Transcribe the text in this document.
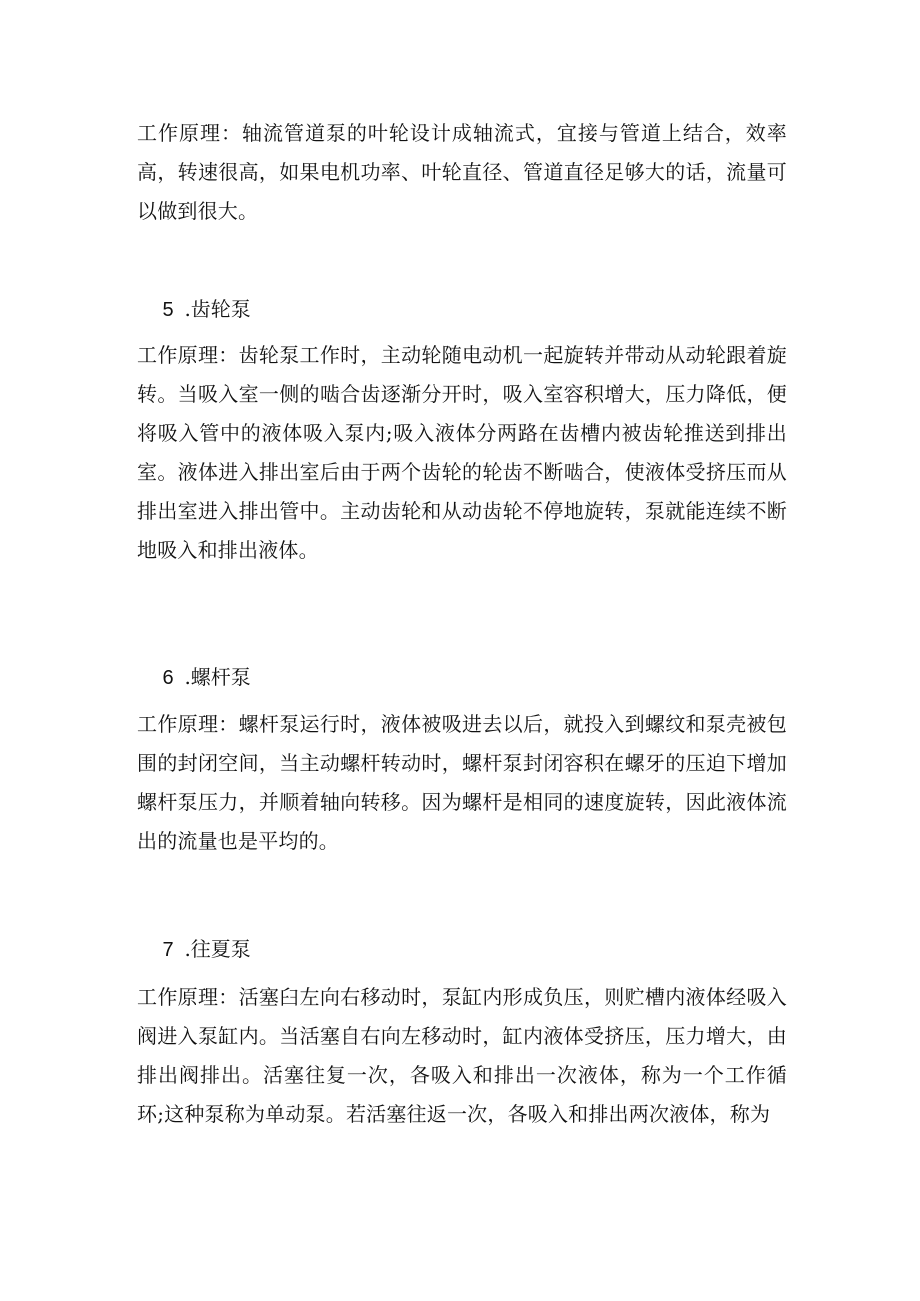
工作原理：轴流管道泵的叶轮设计成轴流式，宜接与管道上结合，效率高，转速很高，如果电机功率、叶轮直径、管道直径足够大的话，流量可以做到很大。

5 .齿轮泵

工作原理：齿轮泵工作时，主动轮随电动机一起旋转并带动从动轮跟着旋转。当吸入室一侧的啮合齿逐渐分开时，吸入室容积增大，压力降低，便将吸入管中的液体吸入泵内;吸入液体分两路在齿槽内被齿轮推送到排出室。液体进入排出室后由于两个齿轮的轮齿不断啮合，使液体受挤压而从排出室进入排出管中。主动齿轮和从动齿轮不停地旋转，泵就能连续不断地吸入和排出液体。

6 .螺杆泵

工作原理：螺杆泵运行时，液体被吸进去以后，就投入到螺纹和泵壳被包围的封闭空间，当主动螺杆转动时，螺杆泵封闭容积在螺牙的压迫下增加螺杆泵压力，并顺着轴向转移。因为螺杆是相同的速度旋转，因此液体流出的流量也是平均的。

7 .往夏泵

工作原理：活塞臼左向右移动时，泵缸内形成负压，则贮槽内液体经吸入阀进入泵缸内。当活塞自右向左移动时，缸内液体受挤压，压力增大，由排出阀排出。活塞往复一次，各吸入和排出一次液体，称为一个工作循环;这种泵称为单动泵。若活塞往返一次，各吸入和排出两次液体，称为
